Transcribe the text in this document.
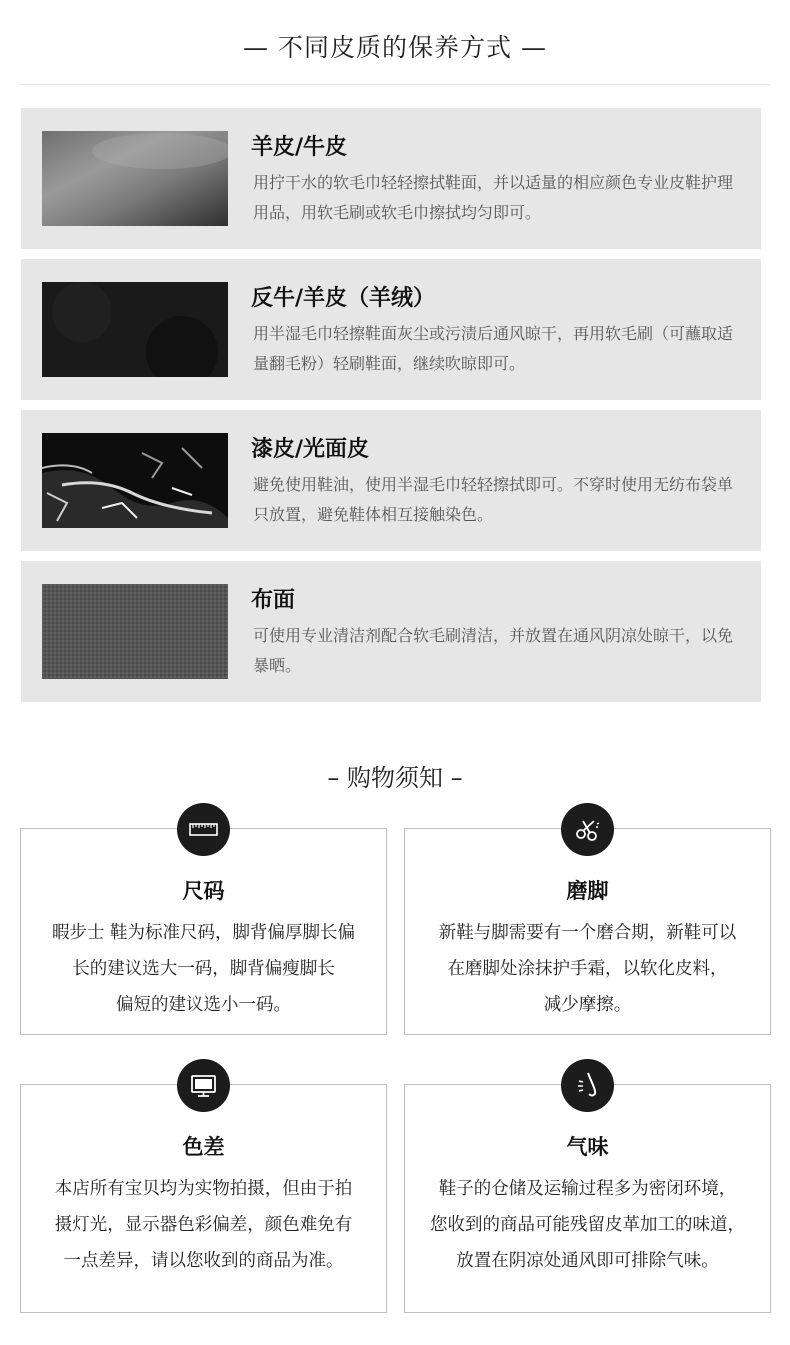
— 不同皮质的保养方式 —
羊皮/牛皮
用拧干水的软毛巾轻轻擦拭鞋面，并以适量的相应颜色专业皮鞋护理用品，用软毛刷或软毛巾擦拭均匀即可。
反牛/羊皮（羊绒）
用半湿毛巾轻擦鞋面灰尘或污渍后通风晾干，再用软毛刷（可蘸取适量翻毛粉）轻刷鞋面，继续吹晾即可。
漆皮/光面皮
避免使用鞋油，使用半湿毛巾轻轻擦拭即可。不穿时使用无纺布袋单只放置，避免鞋体相互接触染色。
布面
可使用专业清洁剂配合软毛刷清洁，并放置在通风阴凉处晾干，以免暴晒。
– 购物须知 –
尺码
暇步士 鞋为标准尺码，脚背偏厚脚长偏
长的建议选大一码，脚背偏瘦脚长
偏短的建议选小一码。
磨脚
新鞋与脚需要有一个磨合期，新鞋可以
在磨脚处涂抹护手霜，以软化皮料，
减少摩擦。
色差
本店所有宝贝均为实物拍摄，但由于拍
摄灯光，显示器色彩偏差，颜色难免有
一点差异，请以您收到的商品为准。
气味
鞋子的仓储及运输过程多为密闭环境，
您收到的商品可能残留皮革加工的味道，
放置在阴凉处通风即可排除气味。
